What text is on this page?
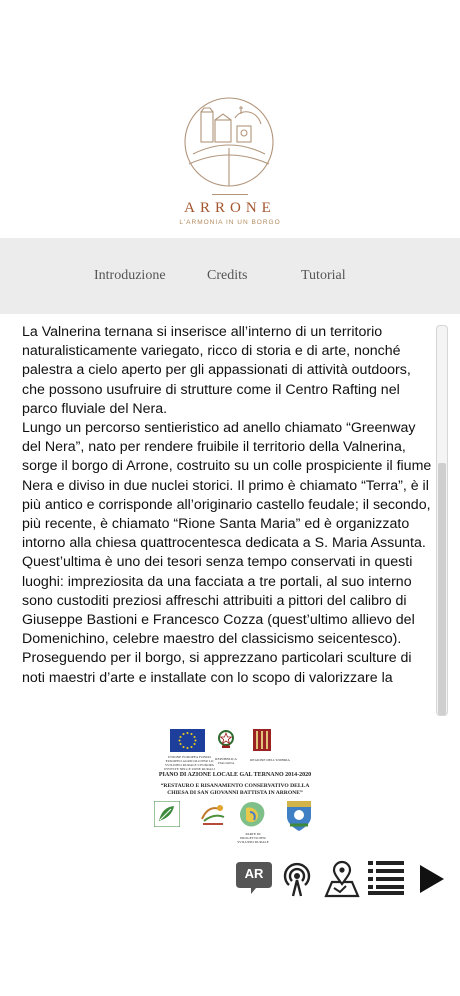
ARRONE
L'ARMONIA IN UN BORGO
Introduzione	Credits	Tutorial

La Valnerina ternana si inserisce all’interno di un territorio naturalisticamente variegato, ricco di storia e di arte, nonché palestra a cielo aperto per gli appassionati di attività outdoors, che possono usufruire di strutture come il Centro Rafting nel parco fluviale del Nera.

Lungo un percorso sentieristico ad anello chiamato “Greenway del Nera”, nato per rendere fruibile il territorio della Valnerina, sorge il borgo di Arrone, costruito su un colle prospiciente il fiume Nera e diviso in due nuclei storici. Il primo è chiamato “Terra”, è il più antico e corrisponde all’originario castello feudale; il secondo, più recente, è chiamato “Rione Santa Maria” ed è organizzato intorno alla chiesa quattrocentesca dedicata a S. Maria Assunta.

Quest’ultima è uno dei tesori senza tempo conservati in questi luoghi: impreziosita da una facciata a tre portali, al suo interno sono custoditi preziosi affreschi attribuiti a pittori del calibro di Giuseppe Bastioni e Francesco Cozza (quest’ultimo allievo del Domenichino, celebre maestro del classicismo seicentesco).

Proseguendo per il borgo, si apprezzano particolari sculture di noti maestri d’arte e installate con lo scopo di valorizzare la

UNIONE EUROPEA FONDO EUROPEO AGRICOLO PER LO SVILUPPO RURALE L'EUROPA INVESTE NELLE ZONE RURALI
REPUBBLICA ITALIANA
REGIONE DELL'UMBRIA
PIANO DI AZIONE LOCALE GAL TERNANO 2014-2020
“RESTAURO E RISANAMENTO CONSERVATIVO DELLA
CHIESA DI SAN GIOVANNI BATTISTA IN ARRONE”
PARTE DI PROGETTO PER SVILUPPO RURALE
AR
